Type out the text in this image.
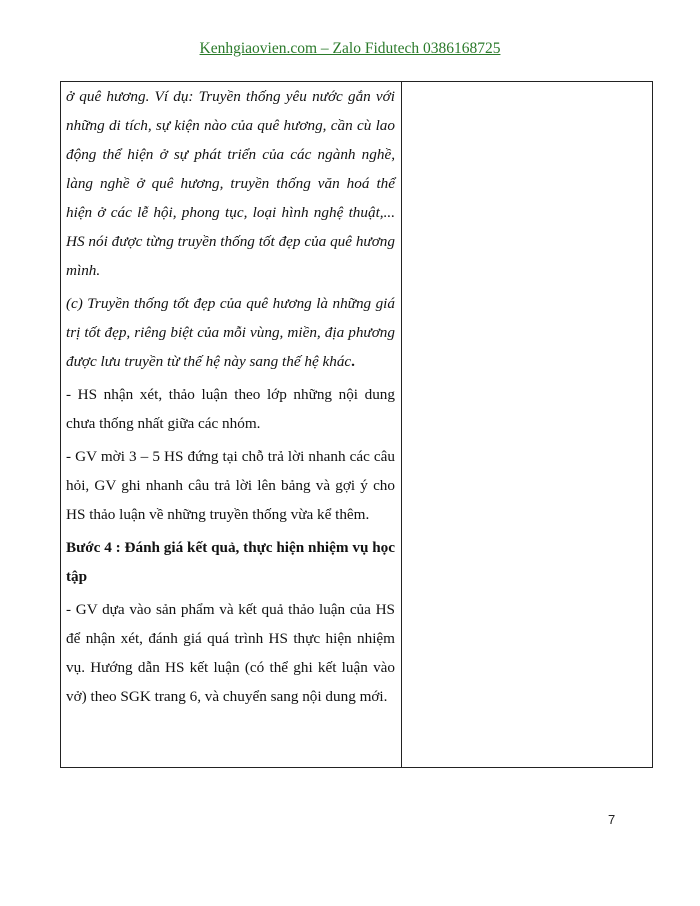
Kenhgiaovien.com – Zalo Fidutech 0386168725

ở quê hương. Ví dụ: Truyền thống yêu nước gắn với những di tích, sự kiện nào của quê hương, cần cù lao động thể hiện ở sự phát triển của các ngành nghề, làng nghề ở quê hương, truyền thống văn hoá thể hiện ở các lễ hội, phong tục, loại hình nghệ thuật,... HS nói được từng truyền thống tốt đẹp của quê hương mình.

(c) Truyền thống tốt đẹp của quê hương là những giá trị tốt đẹp, riêng biệt của mỗi vùng, miền, địa phương được lưu truyền từ thế hệ này sang thế hệ khác.

- HS nhận xét, thảo luận theo lớp những nội dung chưa thống nhất giữa các nhóm.

- GV mời 3 – 5 HS đứng tại chỗ trả lời nhanh các câu hỏi, GV ghi nhanh câu trả lời lên bảng và gợi ý cho HS thảo luận về những truyền thống vừa kể thêm.

Bước 4 : Đánh giá kết quả, thực hiện nhiệm vụ học tập

- GV dựa vào sản phẩm và kết quả thảo luận của HS để nhận xét, đánh giá quá trình HS thực hiện nhiệm vụ. Hướng dẫn HS kết luận (có thể ghi kết luận vào vở) theo SGK trang 6, và chuyển sang nội dung mới.

7
